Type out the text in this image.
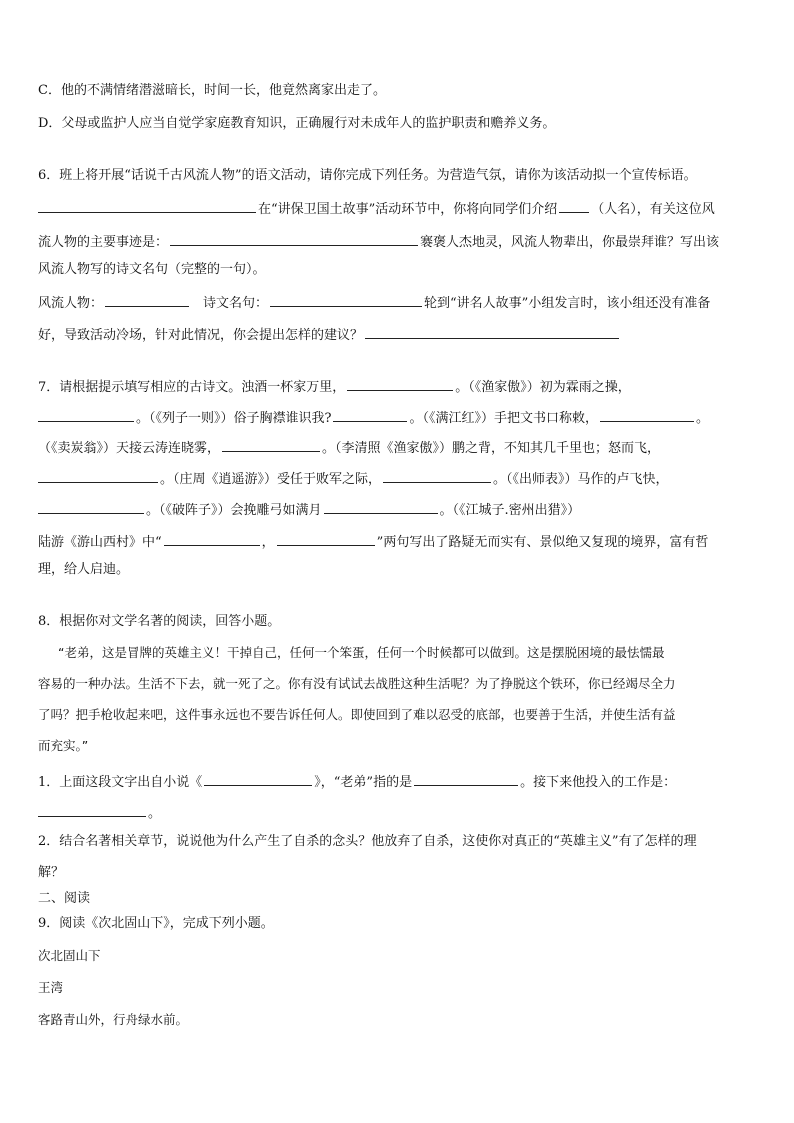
C．他的不满情绪潜滋暗长，时间一长，他竟然离家出走了。
D．父母或监护人应当自觉学家庭教育知识，正确履行对未成年人的监护职责和赡养义务。
6．班上将开展“话说千古风流人物”的语文活动，请你完成下列任务。为营造气氛，请你为该活动拟一个宣传标语。
在“讲保卫国土故事”活动环节中，你将向同学们介绍	（人名），有关这位风
流人物的主要事迹是：	褰褒人杰地灵，风流人物辈出，你最崇拜谁？写出该
风流人物写的诗文名句（完整的一句）。
风流人物：	诗文名句：	轮到“讲名人故事”小组发言时，该小组还没有准备
好，导致活动冷场，针对此情况，你会提出怎样的建议？
7．请根据提示填写相应的古诗文。浊酒一杯家万里，	。（《渔家傲》）初为霖雨之操，
。（《列子一则》）俗子胸襟谁识我?	。（《满江红》）手把文书口称敕，	。
（《卖炭翁》）天接云涛连晓雾，	。（李清照《渔家傲》）鹏之背，不知其几千里也；怒而飞，
。（庄周《逍遥游》）受任于败军之际，	。（《出师表》）马作的卢飞快，
。（《破阵子》）会挽雕弓如满月	。（《江城子.密州出猎》）
陆游《游山西村》中“	，	”两句写出了路疑无而实有、景似绝又复现的境界，富有哲
理，给人启迪。
8．根据你对文学名著的阅读，回答小题。
“老弟，这是冒牌的英雄主义！干掉自己，任何一个笨蛋，任何一个时候都可以做到。这是摆脱困境的最怯懦最
容易的一种办法。生活不下去，就一死了之。你有没有试试去战胜这种生活呢？为了挣脱这个铁环，你已经竭尽全力
了吗？把手枪收起来吧，这件事永远也不要告诉任何人。即使回到了难以忍受的底部，也要善于生活，并使生活有益
而充实。”
1．上面这段文字出自小说《	》，“老弟”指的是	。接下来他投入的工作是：
。
2．结合名著相关章节，说说他为什么产生了自杀的念头？他放弃了自杀，这使你对真正的“英雄主义”有了怎样的理
解？
二、阅读
9．阅读《次北固山下》，完成下列小题。
次北固山下
王湾
客路青山外，行舟绿水前。
